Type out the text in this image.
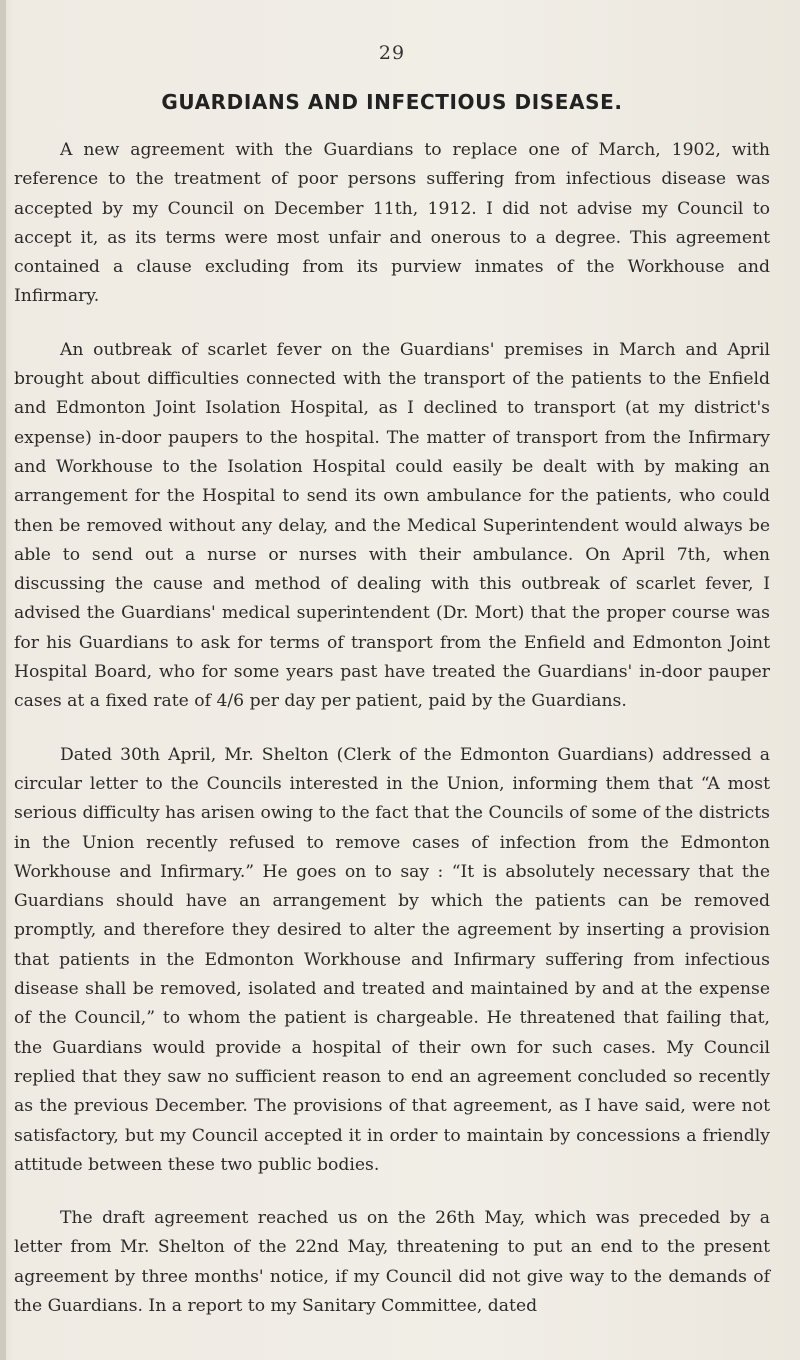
29
GUARDIANS AND INFECTIOUS DISEASE.

A new agreement with the Guardians to replace one of March, 1902, with reference to the treatment of poor persons suffering from infectious disease was accepted by my Council on December 11th, 1912. I did not advise my Council to accept it, as its terms were most unfair and onerous to a degree. This agreement contained a clause excluding from its purview inmates of the Workhouse and Infirmary.

An outbreak of scarlet fever on the Guardians' premises in March and April brought about difficulties connected with the transport of the patients to the Enfield and Edmonton Joint Isolation Hospital, as I declined to transport (at my district's expense) in-door paupers to the hospital. The matter of transport from the Infirmary and Workhouse to the Isolation Hospital could easily be dealt with by making an arrangement for the Hospital to send its own ambulance for the patients, who could then be removed without any delay, and the Medical Superintendent would always be able to send out a nurse or nurses with their ambulance. On April 7th, when discussing the cause and method of dealing with this outbreak of scarlet fever, I advised the Guardians' medical superintendent (Dr. Mort) that the proper course was for his Guardians to ask for terms of transport from the Enfield and Edmonton Joint Hospital Board, who for some years past have treated the Guardians' in-door pauper cases at a fixed rate of 4/6 per day per patient, paid by the Guardians.

Dated 30th April, Mr. Shelton (Clerk of the Edmonton Guardians) addressed a circular letter to the Councils interested in the Union, informing them that “A most serious difficulty has arisen owing to the fact that the Councils of some of the districts in the Union recently refused to remove cases of infection from the Edmonton Workhouse and Infirmary.” He goes on to say : “It is absolutely necessary that the Guardians should have an arrangement by which the patients can be removed promptly, and therefore they desired to alter the agreement by inserting a provision that patients in the Edmonton Workhouse and Infirmary suffering from infectious disease shall be removed, isolated and treated and maintained by and at the expense of the Council,” to whom the patient is chargeable. He threatened that failing that, the Guardians would provide a hospital of their own for such cases. My Council replied that they saw no sufficient reason to end an agreement concluded so recently as the previous December. The provisions of that agreement, as I have said, were not satisfactory, but my Council accepted it in order to maintain by concessions a friendly attitude between these two public bodies.

The draft agreement reached us on the 26th May, which was preceded by a letter from Mr. Shelton of the 22nd May, threatening to put an end to the present agreement by three months' notice, if my Council did not give way to the demands of the Guardians. In a report to my Sanitary Committee, dated
